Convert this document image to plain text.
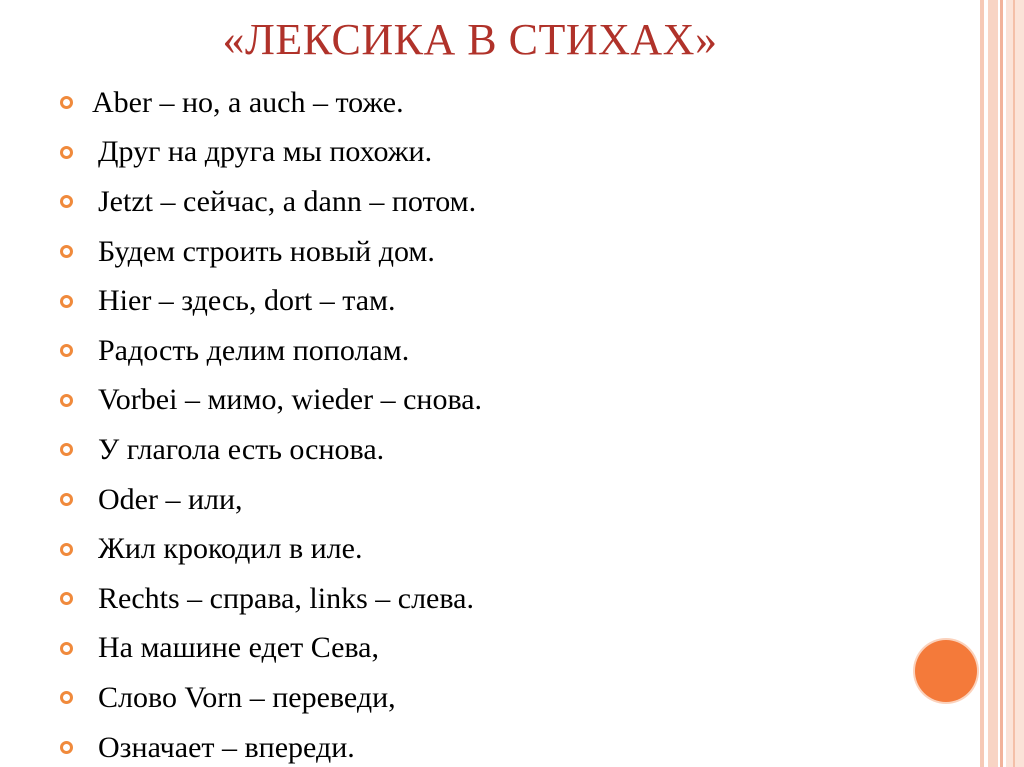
«ЛЕКСИКА В СТИХАХ»
Aber – но, а auch – тоже.
Друг на друга мы похожи.
Jetzt – сейчас, а dann – потом.
Будем строить новый дом.
Hier – здесь, dort – там.
Радость делим пополам.
Vorbei – мимо, wieder – снова.
У глагола есть основа.
Oder – или,
Жил крокодил в иле.
Rechts – справа, links – слева.
На машине едет Сева,
Слово Vorn – переведи,
Означает – впереди.
